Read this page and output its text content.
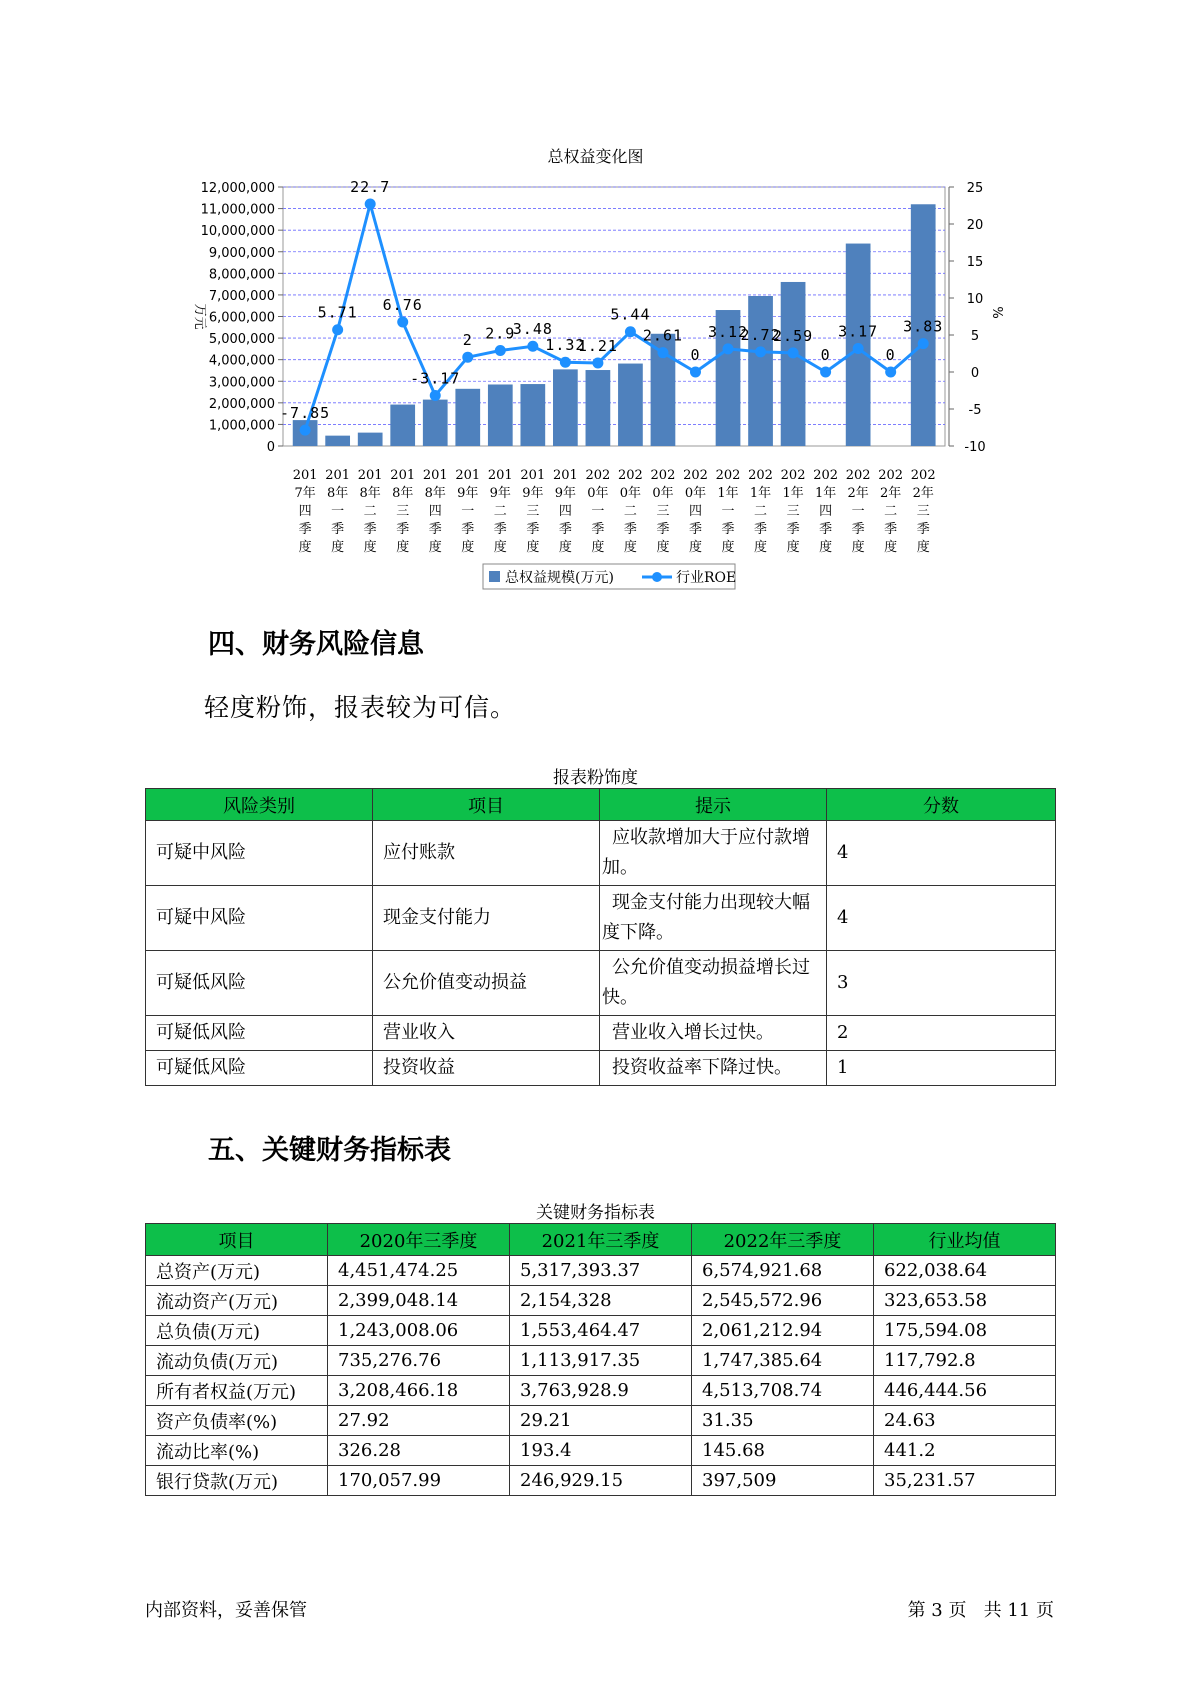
总权益变化图
0
1,000,000
2,000,000
3,000,000
4,000,000
5,000,000
6,000,000
7,000,000
8,000,000
9,000,000
10,000,000
11,000,000
12,000,000
-10
-5
0
5
10
15
20
25
万元	%
-7.85
5.71
22.7
6.76
-3.17
2 2.9
3.48
1.32
1.21
5.44
2.61
0
3.12
2.72
2.59
0
3.17
0
3.83
201
7年
四
季
度
201
8年
一
季
度
201
8年
二
季
度
201
8年
三
季
度
201
8年
四
季
度
201
9年
一
季
度
201
9年
二
季
度
201
9年
三
季
度
201
9年
四
季
度
202
0年
一
季
度
202
0年
二
季
度
202
0年
三
季
度
202
0年
四
季
度
202
1年
一
季
度
202
1年
二
季
度
202
1年
三
季
度
202
1年
四
季
度
202
2年
一
季
度
202
2年
二
季
度
202
2年
三
季
度
总权益规模(万元)	行业ROE
四、财务风险信息
轻度粉饰，报表较为可信。
报表粉饰度
风险类别	项目	提示	分数
可疑中风险	应付账款	应收款增加大于应付款增加。	4
可疑中风险	现金支付能力	现金支付能力出现较大幅度下降。	4
可疑低风险	公允价值变动损益	公允价值变动损益增长过快。	3
可疑低风险	营业收入	营业收入增长过快。	2
可疑低风险	投资收益	投资收益率下降过快。	1
五、关键财务指标表
关键财务指标表
项目	2020年三季度	2021年三季度	2022年三季度	行业均值
总资产(万元)	4,451,474.25	5,317,393.37	6,574,921.68	622,038.64
流动资产(万元)	2,399,048.14	2,154,328	2,545,572.96	323,653.58
总负债(万元)	1,243,008.06	1,553,464.47	2,061,212.94	175,594.08
流动负债(万元)	735,276.76	1,113,917.35	1,747,385.64	117,792.8
所有者权益(万元)	3,208,466.18	3,763,928.9	4,513,708.74	446,444.56
资产负债率(%)	27.92	29.21	31.35	24.63
流动比率(%)	326.28	193.4	145.68	441.2
银行贷款(万元)	170,057.99	246,929.15	397,509	35,231.57
内部资料，妥善保管	第 3 页   共 11 页
